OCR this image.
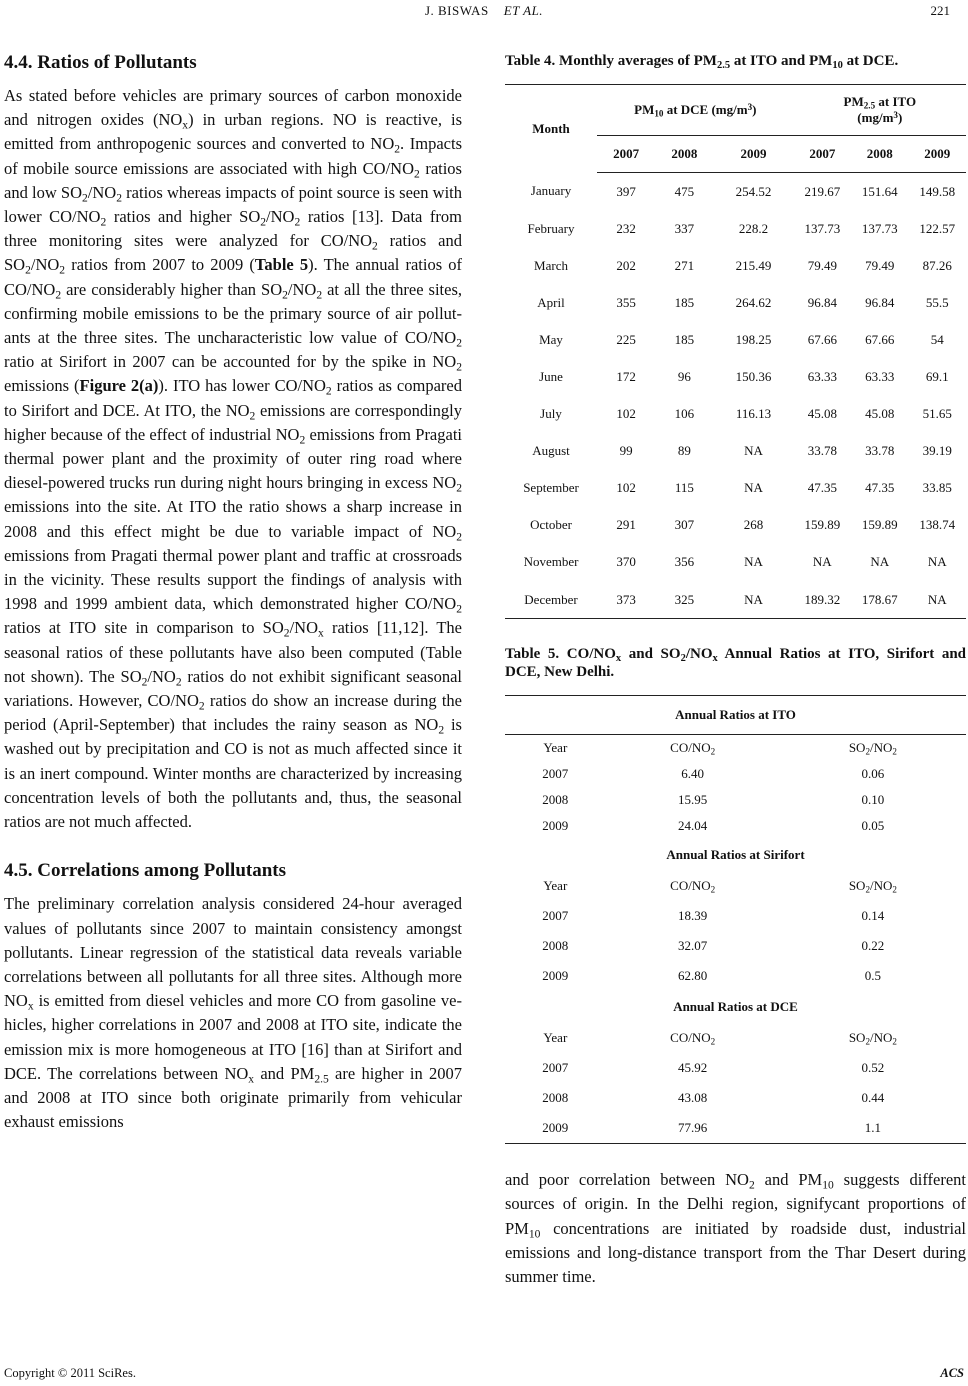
J. BISWAS ET AL.	221
4.4. Ratios of Pollutants

As stated before vehicles are primary sources of carbon monoxide and nitrogen oxides $(NO_x)$ in urban regions. NO is reactive, is emitted from anthropogenic sources and converted to $NO_2$. Impacts of mobile source emissions are associated with high $CO/NO_2$ ratios and low $SO_2/NO_2$ ratios whereas impacts of point source is seen with lower $CO/NO_2$ ratios and higher $SO_2/NO_2$ ratios [13]. Data from three monitoring sites were analyzed for $CO/NO_2$ ratios and $SO_2/NO_2$ ratios from 2007 to 2009 (Table 5). The annual ratios of $CO/NO_2$ are considerably higher than $SO_2/NO_2$ at all the three sites, confirming mobile emissions to be the primary source of air pollutants at the three sites. The uncharacteristic low value of $CO/NO_2$ ratio at Sirifort in 2007 can be accounted for by the spike in $NO_2$ emissions (Figure 2(a)). ITO has lower $CO/NO_2$ ratios as compared to Sirifort and DCE. At ITO, the $NO_2$ emissions are correspondingly higher because of the effect of industrial $NO_2$ emissions from Pragati thermal power plant and the proximity of outer ring road where diesel-powered trucks run during night hours bringing in excess $NO_2$ emissions into the site. At ITO the ratio shows a sharp increase in 2008 and this effect might be due to variable impact of $NO_2$ emissions from Pragati thermal power plant and traffic at crossroads in the vicinity. These results support the findings of analysis with 1998 and 1999 ambient data, which demonstrated higher $CO/NO_2$ ratios at ITO site in comparison to $SO_2/NO_x$ ratios [11,12]. The seasonal ratios of these pollutants have also been computed (Table not shown). The $SO_2/NO_2$ ratios do not exhibit significant seasonal variations. However, $CO/NO_2$ ratios do show an increase during the period (April-September) that includes the rainy season as $NO_2$ is washed out by precipitation and CO is not as much affected since it is an inert compound. Winter months are characterized by increasing concentration levels of both the pollutants and, thus, the seasonal ratios are not much affected.

4.5. Correlations among Pollutants

The preliminary correlation analysis considered 24-hour averaged values of pollutants since 2007 to maintain consistency amongst pollutants. Linear regression of the statistical data reveals variable correlations between all pollutants for all three sites. Although more $NO_x$ is emitted from diesel vehicles and more CO from gasoline vehicles, higher correlations in 2007 and 2008 at ITO site, indicate the emission mix is more homogeneous at ITO [16] than at Sirifort and DCE. The correlations between $NO_x$ and $PM_{2.5}$ are higher in 2007 and 2008 at ITO since both originate primarily from vehicular exhaust emissions

Table 4. Monthly averages of $PM_{2.5}$ at ITO and $PM_{10}$ at DCE.

Month	$PM_{10}$ at DCE $(mg/m^3)$			$PM_{2.5}$ at ITO
$(mg/m^3)$		
	2007	2008	2009	2007	2008	2009
January	397	475	254.52	219.67	151.64	149.58
February	232	337	228.2	137.73	137.73	122.57
March	202	271	215.49	79.49	79.49	87.26
April	355	185	264.62	96.84	96.84	55.5
May	225	185	198.25	67.66	67.66	54
June	172	96	150.36	63.33	63.33	69.1
July	102	106	116.13	45.08	45.08	51.65
August	99	89	NA	33.78	33.78	39.19
September	102	115	NA	47.35	47.35	33.85
October	291	307	268	159.89	159.89	138.74
November	370	356	NA	NA	NA	NA
December	373	325	NA	189.32	178.67	NA

Table 5. $CO/NO_x$ and $SO_2/NO_x$ Annual Ratios at ITO, Sirifort and DCE, New Delhi.

Annual Ratios at ITO		
Year	$CO/NO_2$	$SO_2/NO_2$
2007	6.40	0.06
2008	15.95	0.10
2009	24.04	0.05
Annual Ratios at Sirifort		
Year	$CO/NO_2$	$SO_2/NO_2$
2007	18.39	0.14
2008	32.07	0.22
2009	62.80	0.5
Annual Ratios at DCE		
Year	$CO/NO_2$	$SO_2/NO_2$
2007	45.92	0.52
2008	43.08	0.44
2009	77.96	1.1

and poor correlation between $NO_2$ and $PM_{10}$ suggests different sources of origin. In the Delhi region, signifycant proportions of $PM_{10}$ concentrations are initiated by roadside dust, industrial emissions and long-distance transport from the Thar Desert during summer time.

Copyright © 2011 SciRes.	ACS
